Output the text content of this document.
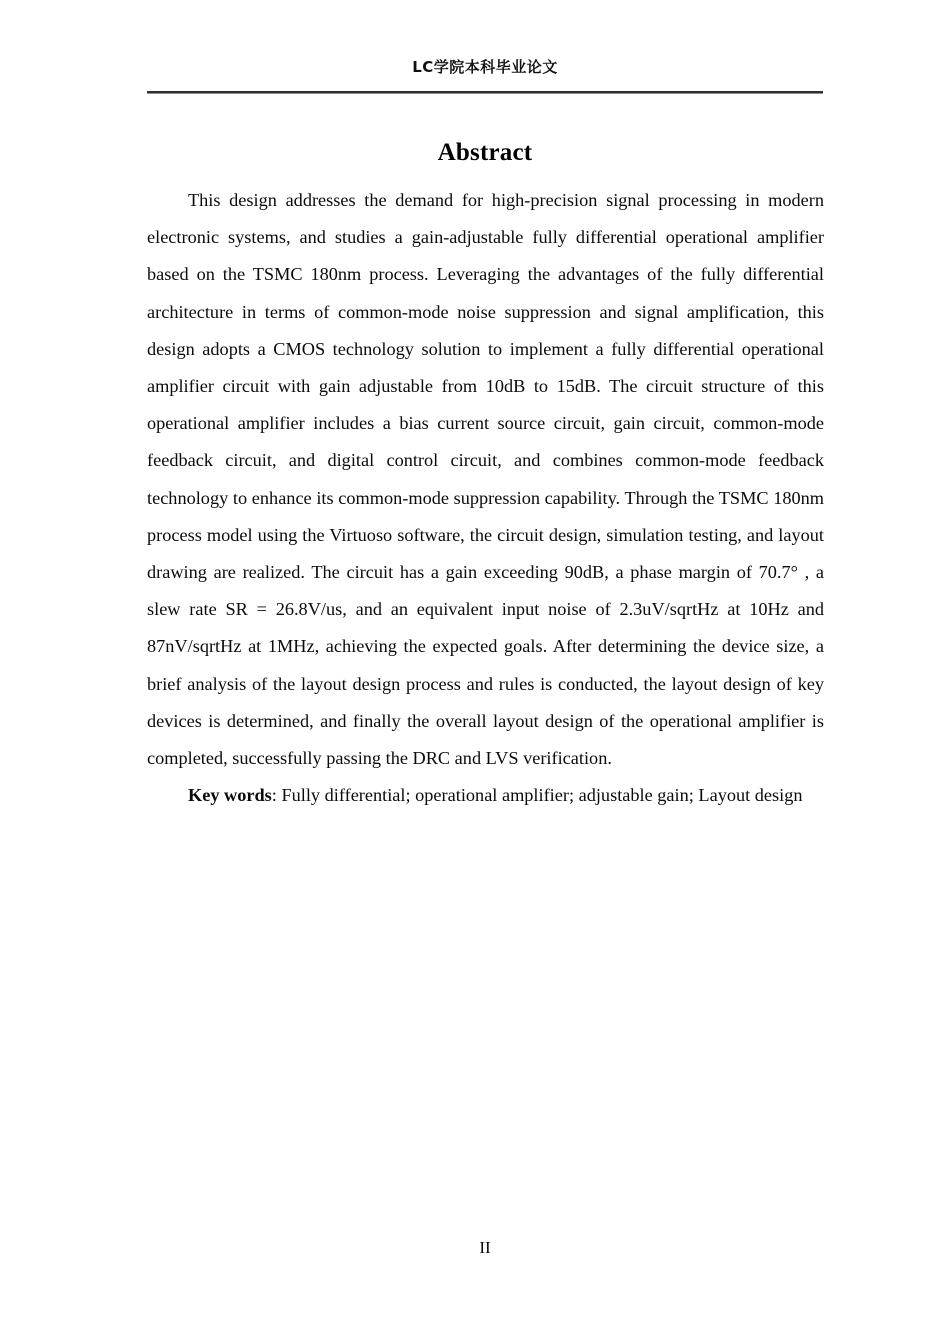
LC学院本科毕业论文
Abstract

This design addresses the demand for high-precision signal processing in modern electronic systems, and studies a gain-adjustable fully differential operational amplifier based on the TSMC 180nm process. Leveraging the advantages of the fully differential architecture in terms of common-mode noise suppression and signal amplification, this design adopts a CMOS technology solution to implement a fully differential operational amplifier circuit with gain adjustable from 10dB to 15dB. The circuit structure of this operational amplifier includes a bias current source circuit, gain circuit, common-mode feedback circuit, and digital control circuit, and combines common-mode feedback technology to enhance its common-mode suppression capability. Through the TSMC 180nm process model using the Virtuoso software, the circuit design, simulation testing, and layout drawing are realized. The circuit has a gain exceeding 90dB, a phase margin of 70.7° , a slew rate SR = 26.8V/us, and an equivalent input noise of 2.3uV/sqrtHz at 10Hz and 87nV/sqrtHz at 1MHz, achieving the expected goals. After determining the device size, a brief analysis of the layout design process and rules is conducted, the layout design of key devices is determined, and finally the overall layout design of the operational amplifier is completed, successfully passing the DRC and LVS verification.

Key words: Fully differential; operational amplifier; adjustable gain; Layout design

II
